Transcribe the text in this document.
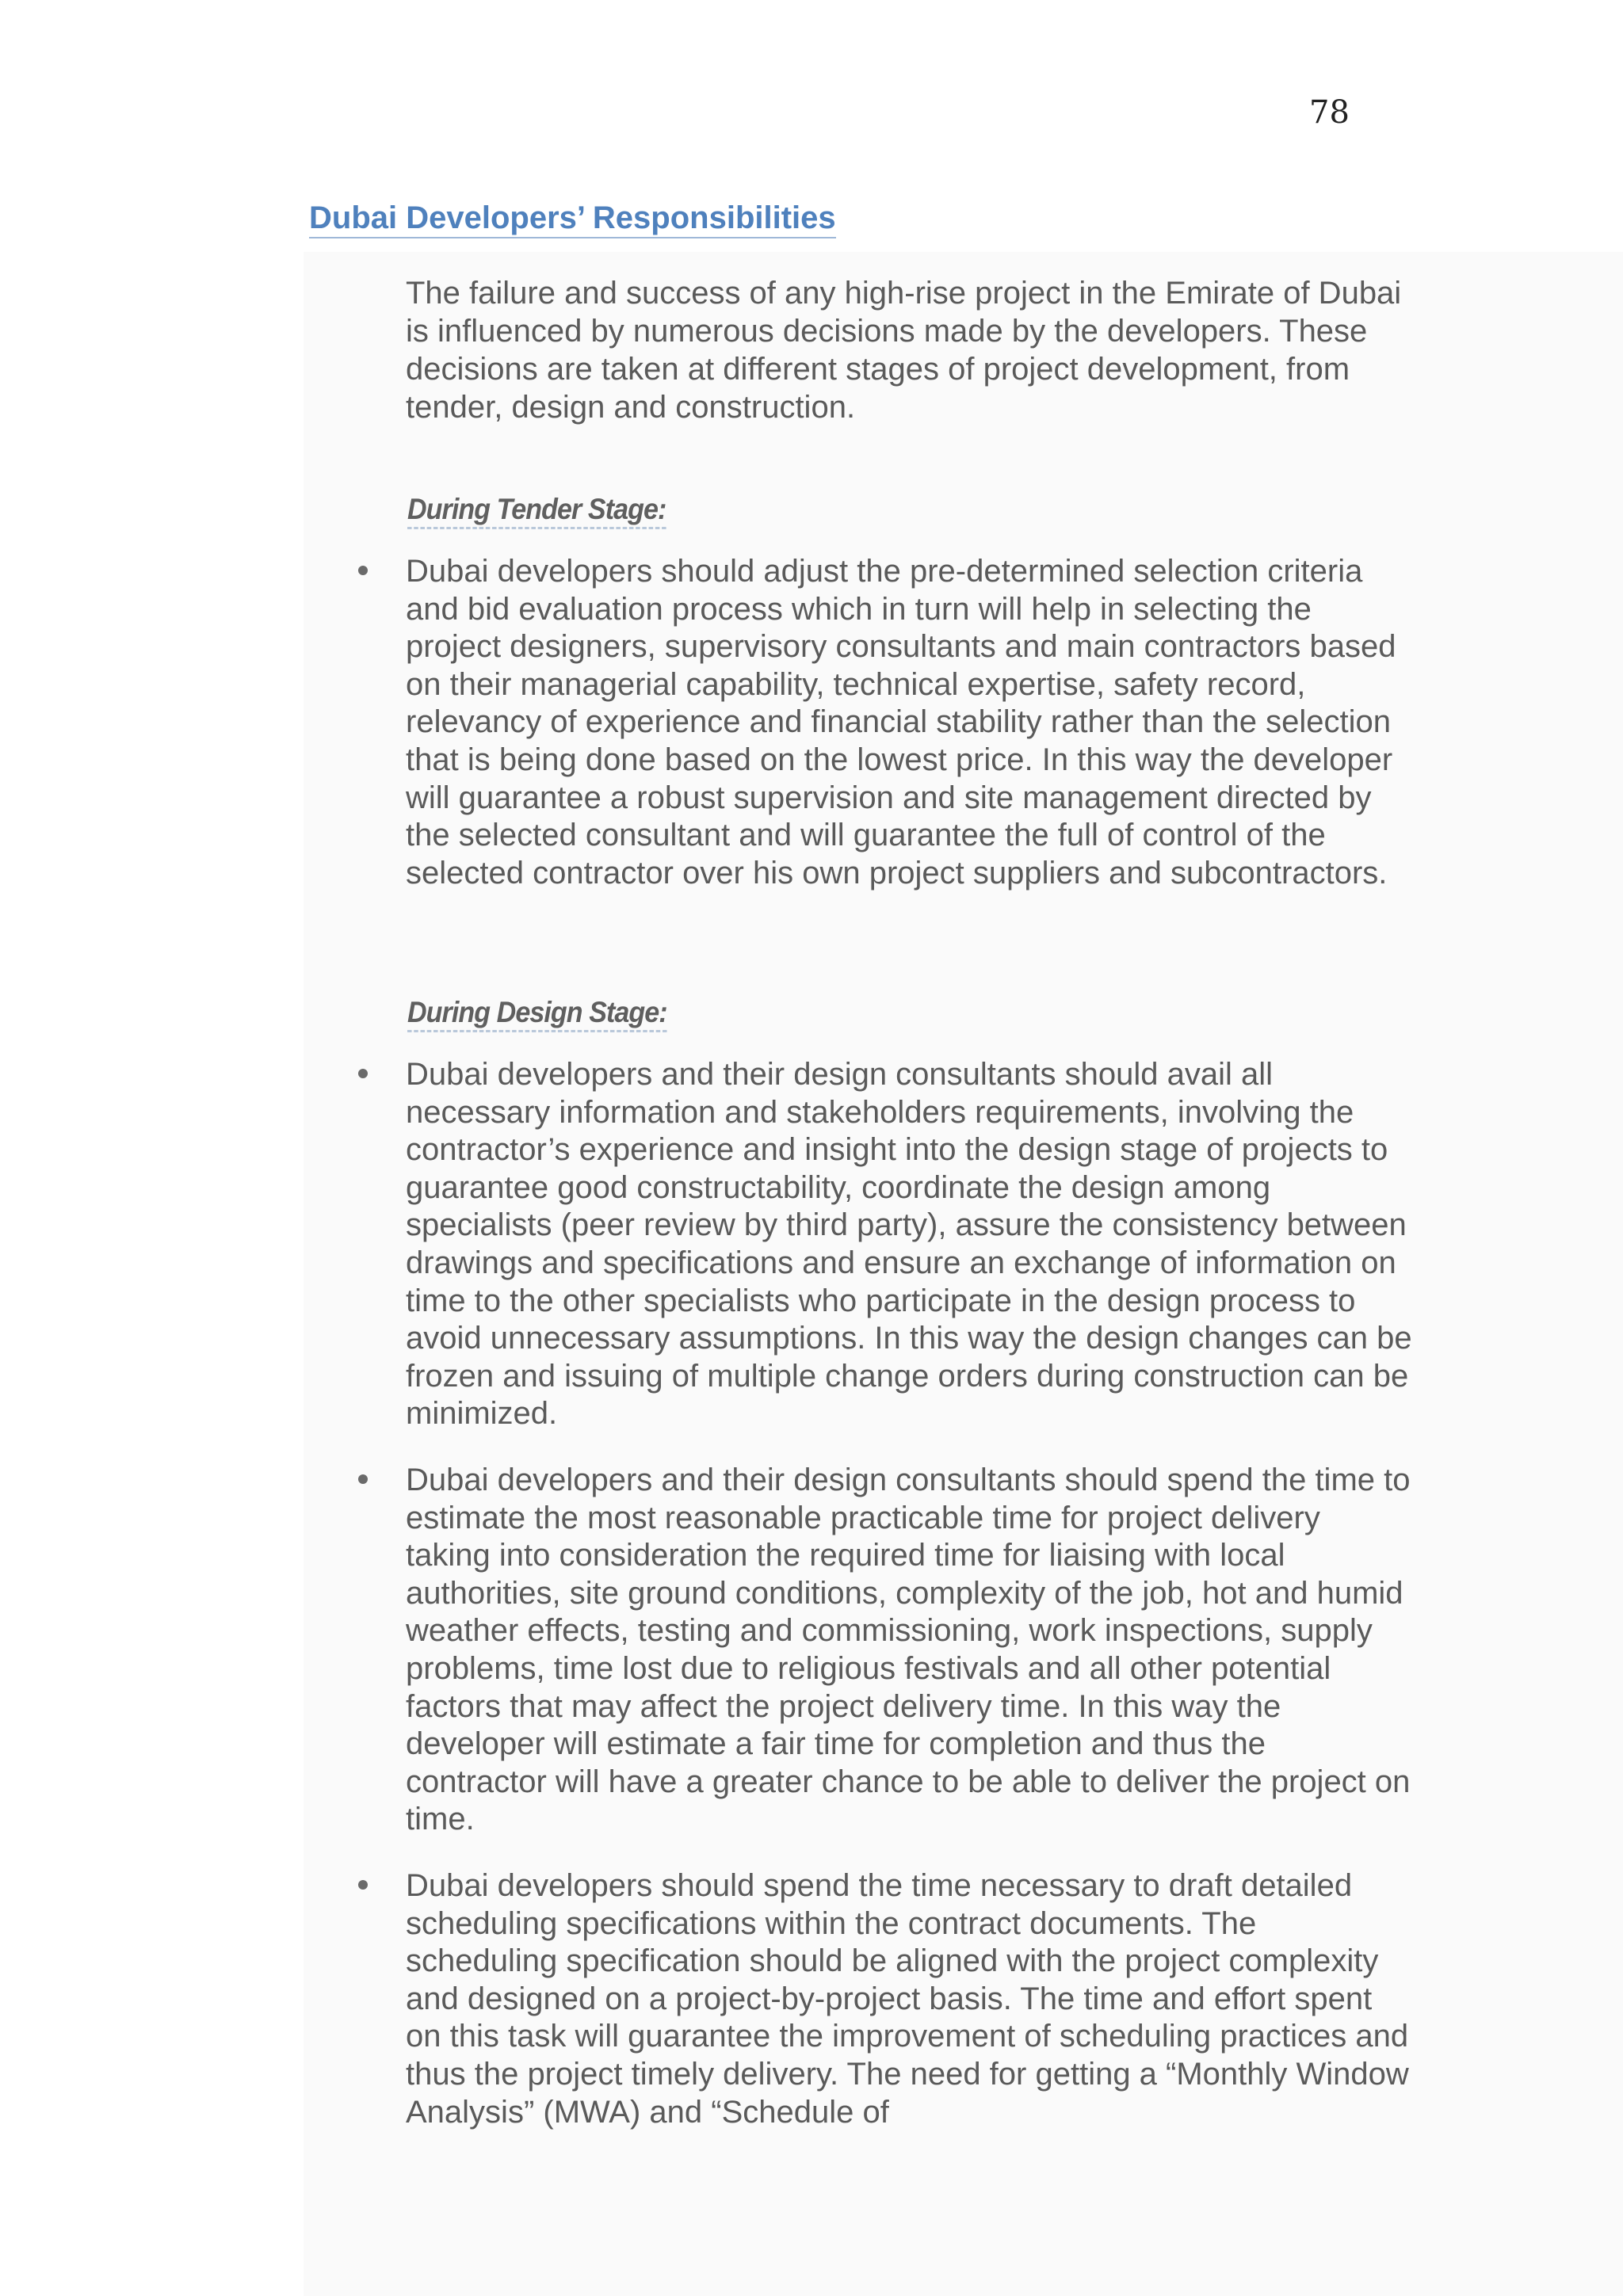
78
Dubai Developers’ Responsibilities

The failure and success of any high-rise project in the Emirate of Dubai is influenced by numerous decisions made by the developers. These decisions are taken at different stages of project development, from tender, design and construction.

During Tender Stage:

Dubai developers should adjust the pre-determined selection criteria and bid evaluation process which in turn will help in selecting the project designers, supervisory consultants and main contractors based on their managerial capability, technical expertise, safety record, relevancy of experience and financial stability rather than the selection that is being done based on the lowest price. In this way the developer will guarantee a robust supervision and site management directed by the selected consultant and will guarantee the full of control of the selected contractor over his own project suppliers and subcontractors.

During Design Stage:

Dubai developers and their design consultants should avail all necessary information and stakeholders requirements, involving the contractor’s experience and insight into the design stage of projects to guarantee good constructability, coordinate the design among specialists (peer review by third party), assure the consistency between drawings and specifications and ensure an exchange of information on time to the other specialists who participate in the design process to avoid unnecessary assumptions. In this way the design changes can be frozen and issuing of multiple change orders during construction can be minimized.

Dubai developers and their design consultants should spend the time to estimate the most reasonable practicable time for project delivery taking into consideration the required time for liaising with local authorities, site ground conditions, complexity of the job, hot and humid weather effects, testing and commissioning, work inspections, supply problems, time lost due to religious festivals and all other potential factors that may affect the project delivery time. In this way the developer will estimate a fair time for completion and thus the contractor will have a greater chance to be able to deliver the project on time.

Dubai developers should spend the time necessary to draft detailed scheduling specifications within the contract documents. The scheduling specification should be aligned with the project complexity and designed on a project-by-project basis. The time and effort spent on this task will guarantee the improvement of scheduling practices and thus the project timely delivery. The need for getting a “Monthly Window Analysis” (MWA) and “Schedule of
